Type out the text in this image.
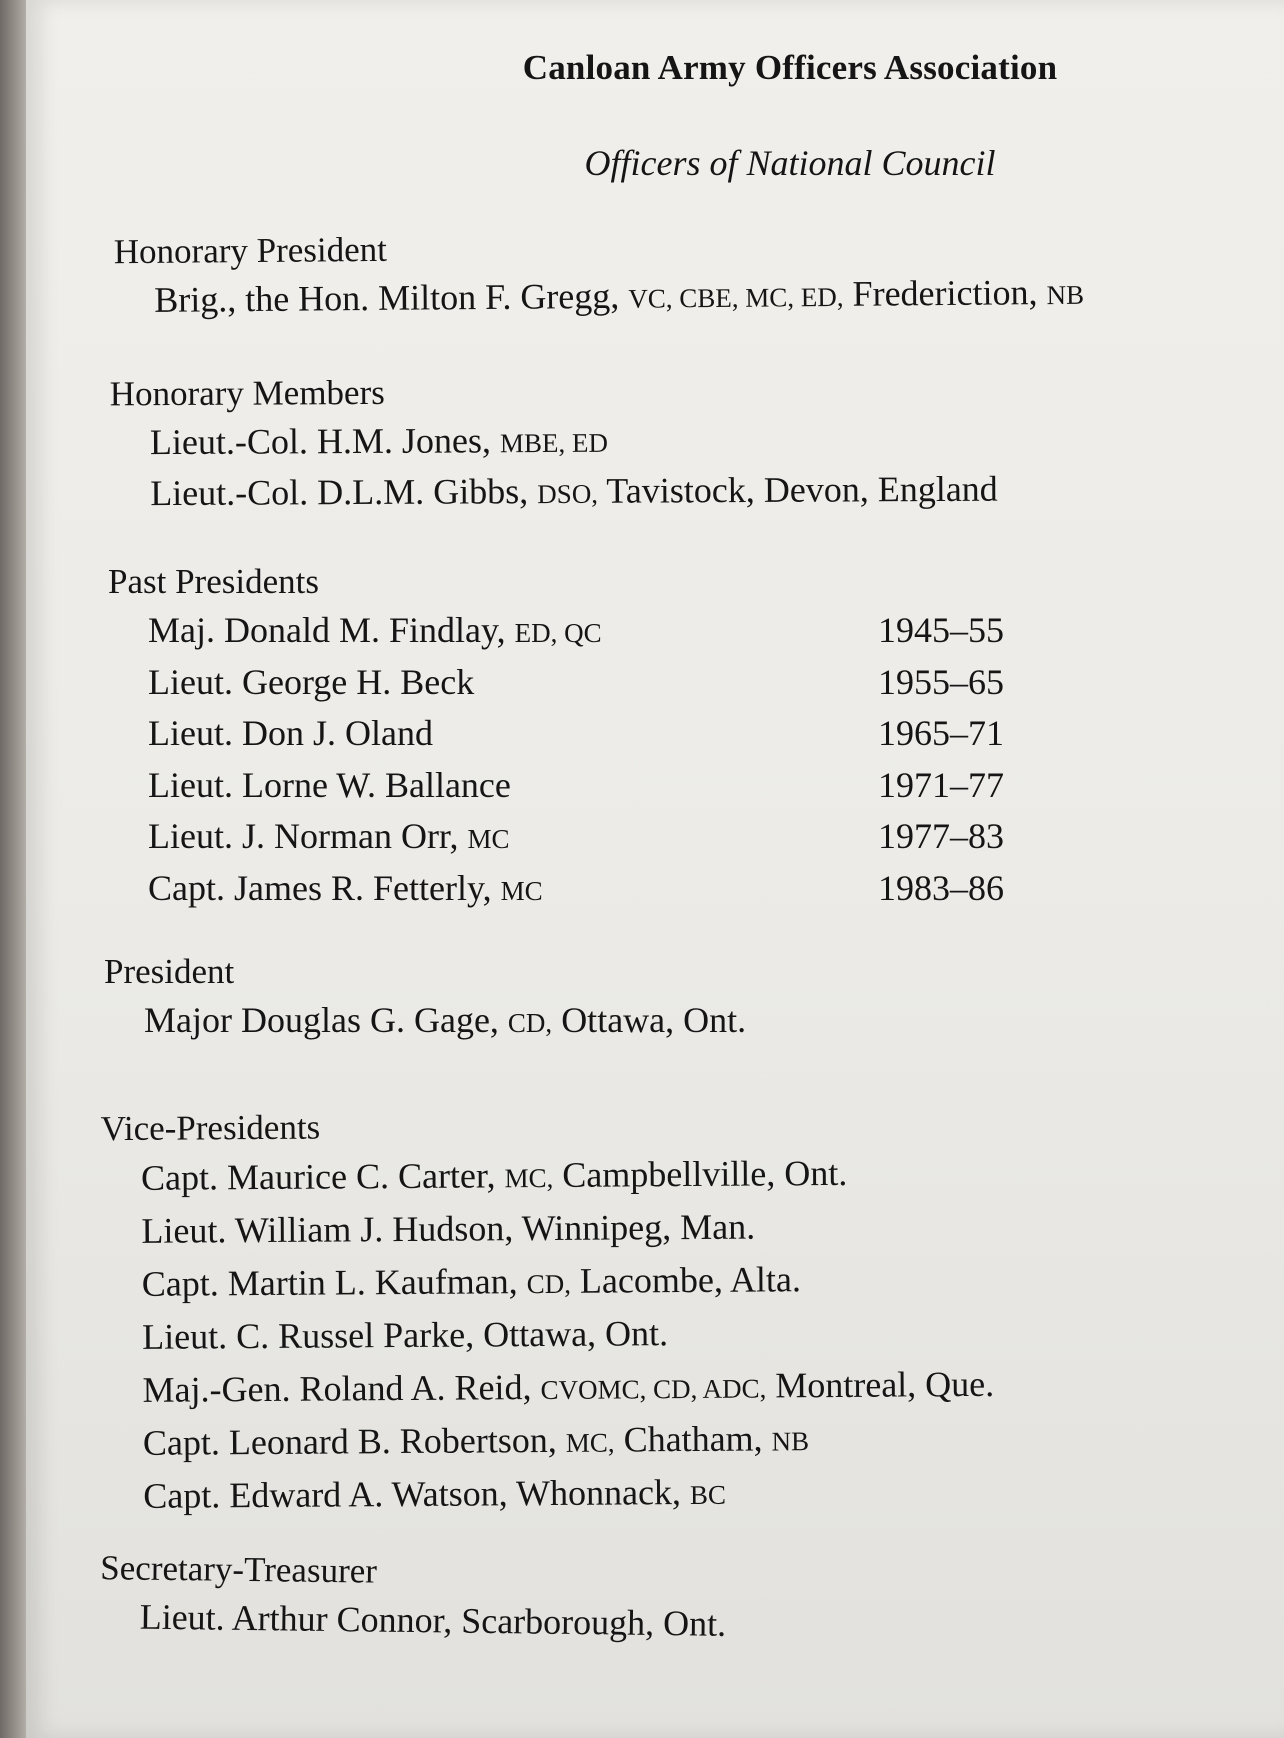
Canloan Army Officers Association
Officers of National Council
Honorary President
Brig., the Hon. Milton F. Gregg, VC, CBE, MC, ED, Frederiction, NB
Honorary Members
Lieut.-Col. H.M. Jones, MBE, ED
Lieut.-Col. D.L.M. Gibbs, DSO, Tavistock, Devon, England
Past Presidents
Maj. Donald M. Findlay, ED, QC	1945–55
Lieut. George H. Beck	1955–65
Lieut. Don J. Oland	1965–71
Lieut. Lorne W. Ballance	1971–77
Lieut. J. Norman Orr, MC	1977–83
Capt. James R. Fetterly, MC	1983–86
President
Major Douglas G. Gage, CD, Ottawa, Ont.
Vice-Presidents
Capt. Maurice C. Carter, MC, Campbellville, Ont.
Lieut. William J. Hudson, Winnipeg, Man.
Capt. Martin L. Kaufman, CD, Lacombe, Alta.
Lieut. C. Russel Parke, Ottawa, Ont.
Maj.-Gen. Roland A. Reid, CVOMC, CD, ADC, Montreal, Que.
Capt. Leonard B. Robertson, MC, Chatham, NB
Capt. Edward A. Watson, Whonnack, BC
Secretary-Treasurer
Lieut. Arthur Connor, Scarborough, Ont.
